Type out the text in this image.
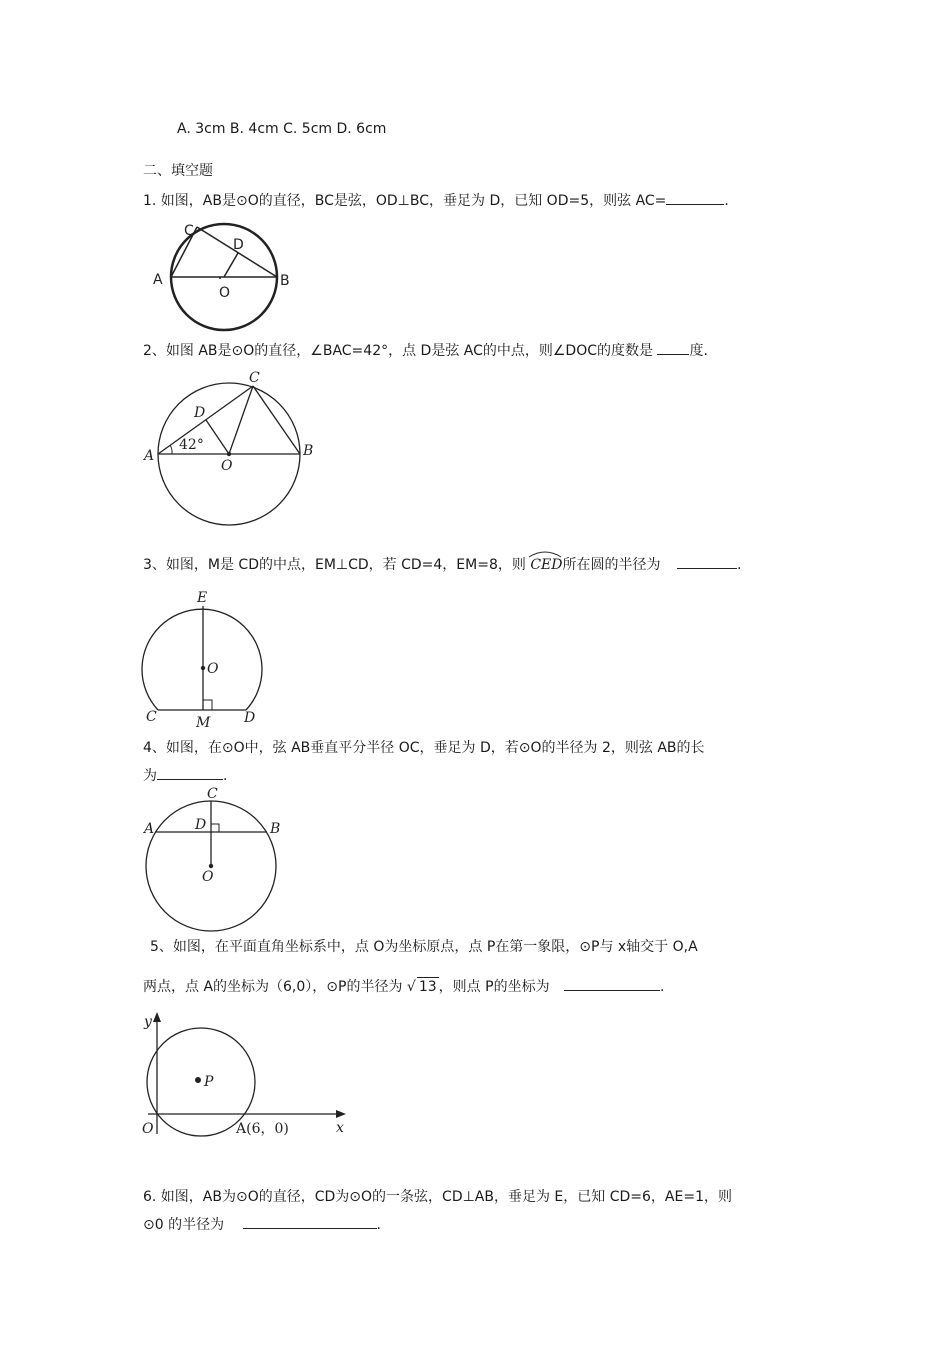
A. 3cm B. 4cm C. 5cm D. 6cm
二、填空题
1. 如图，AB是⊙O的直径，BC是弦，OD⊥BC，垂足为 D，已知 OD=5，则弦 AC=	.
C
D
A
O
B
2、如图 AB是⊙O的直径，∠BAC=42°，点 D是弦 AC的中点，则∠DOC的度数是	度.
C
D
A
42°
O
B
3、如图，M是 CD的中点，EM⊥CD，若 CD=4，EM=8，则 CED所在圆的半径为	.
E
O
C	M D
4、如图，在⊙O中，弦 AB垂直平分半径 OC，垂足为 D，若⊙O的半径为 2，则弦 AB的长
为	.
C
A	D	B
O
5、如图，在平面直角坐标系中，点 O为坐标原点，点 P在第一象限，⊙P与 x轴交于 O,A
两点，点 A的坐标为（6,0），⊙P的半径为 √ 13 ，则点 P的坐标为	.
y
P
O	A(6，0)	x
6. 如图，AB为⊙O的直径，CD为⊙O的一条弦，CD⊥AB，垂足为 E，已知 CD=6，AE=1，则
⊙0 的半径为	.
